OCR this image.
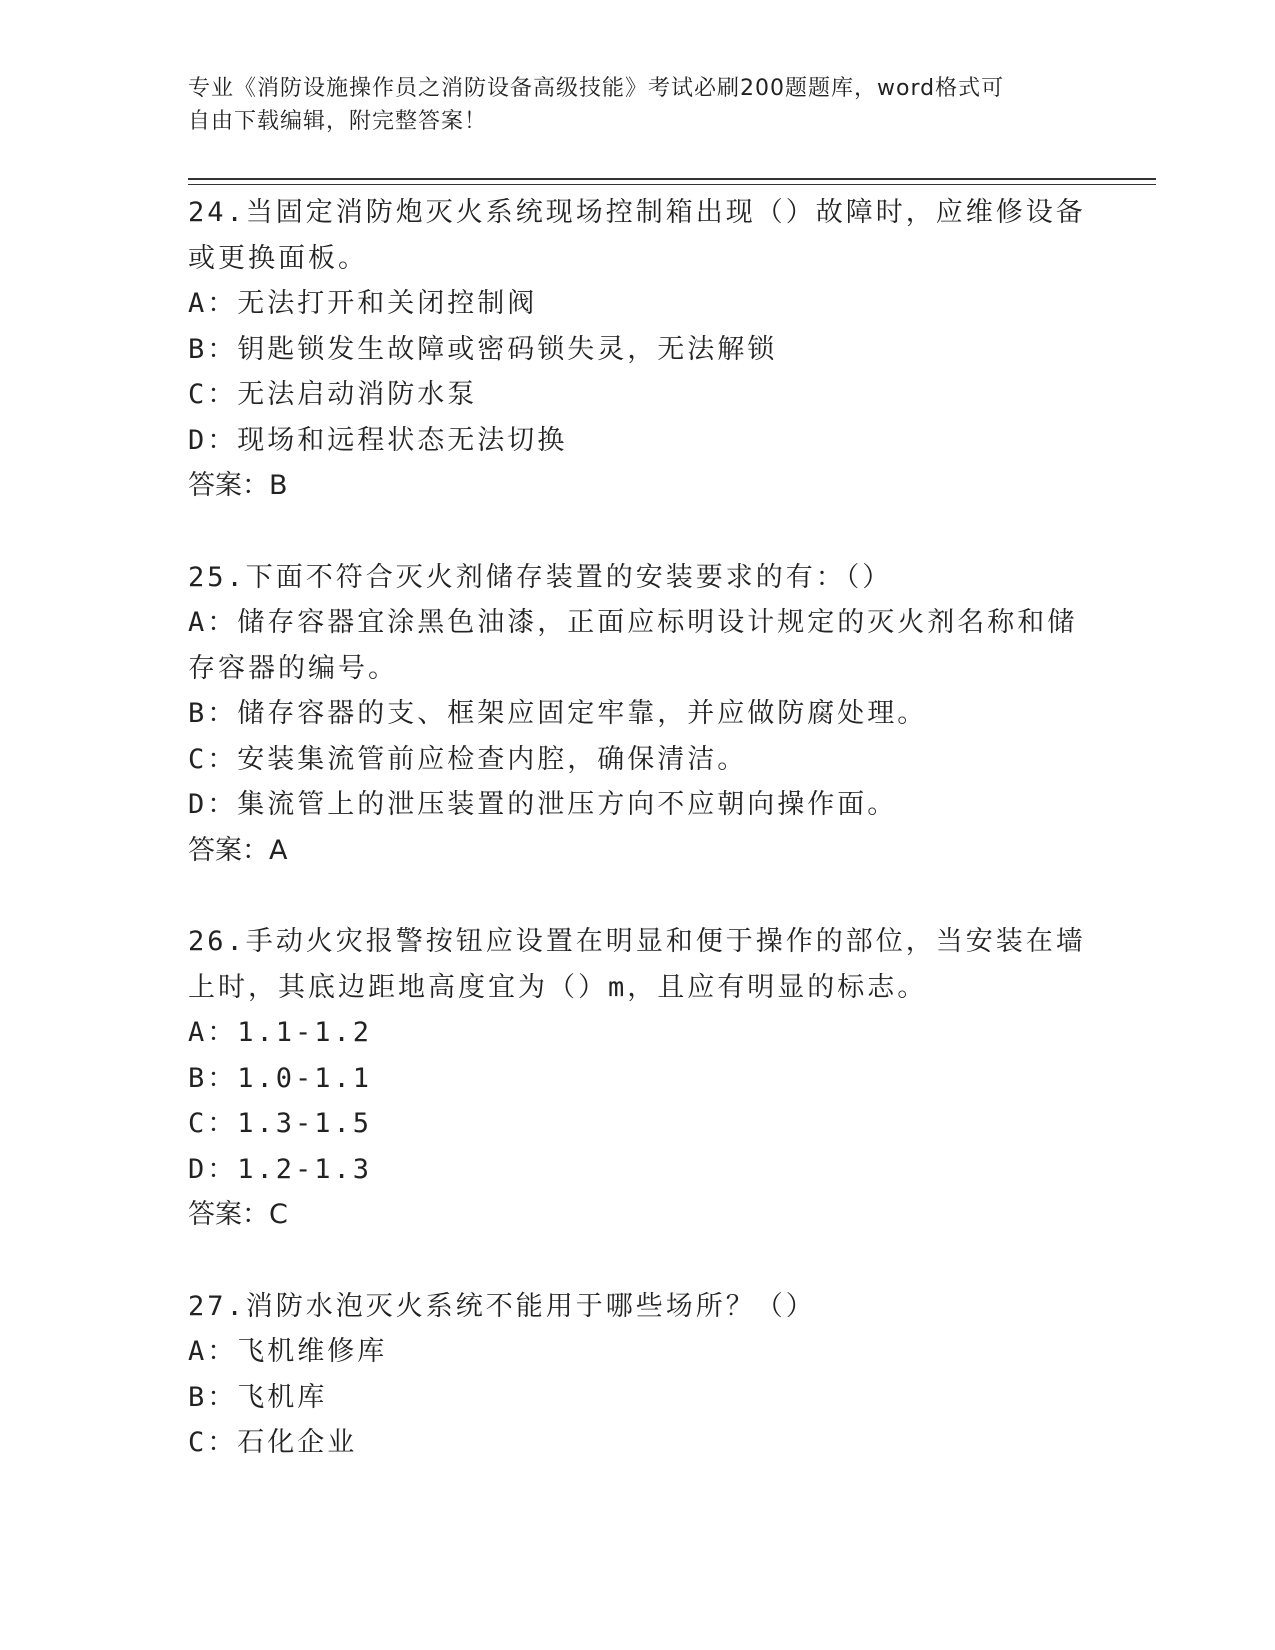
专业《消防设施操作员之消防设备高级技能》考试必刷200题题库，word格式可
自由下载编辑，附完整答案！

24.当固定消防炮灭火系统现场控制箱出现（）故障时，应维修设备或更换面板。

A：无法打开和关闭控制阀

B：钥匙锁发生故障或密码锁失灵，无法解锁

C：无法启动消防水泵

D：现场和远程状态无法切换

答案：B

25.下面不符合灭火剂储存装置的安装要求的有：（）

A：储存容器宜涂黑色油漆，正面应标明设计规定的灭火剂名称和储存容器的编号。

B：储存容器的支、框架应固定牢靠，并应做防腐处理。

C：安装集流管前应检查内腔，确保清洁。

D：集流管上的泄压装置的泄压方向不应朝向操作面。

答案：A

26.手动火灾报警按钮应设置在明显和便于操作的部位，当安装在墙上时，其底边距地高度宜为（）m，且应有明显的标志。

A：1.1-1.2

B：1.0-1.1

C：1.3-1.5

D：1.2-1.3

答案：C

27.消防水泡灭火系统不能用于哪些场所？（）

A：飞机维修库

B：飞机库

C：石化企业
